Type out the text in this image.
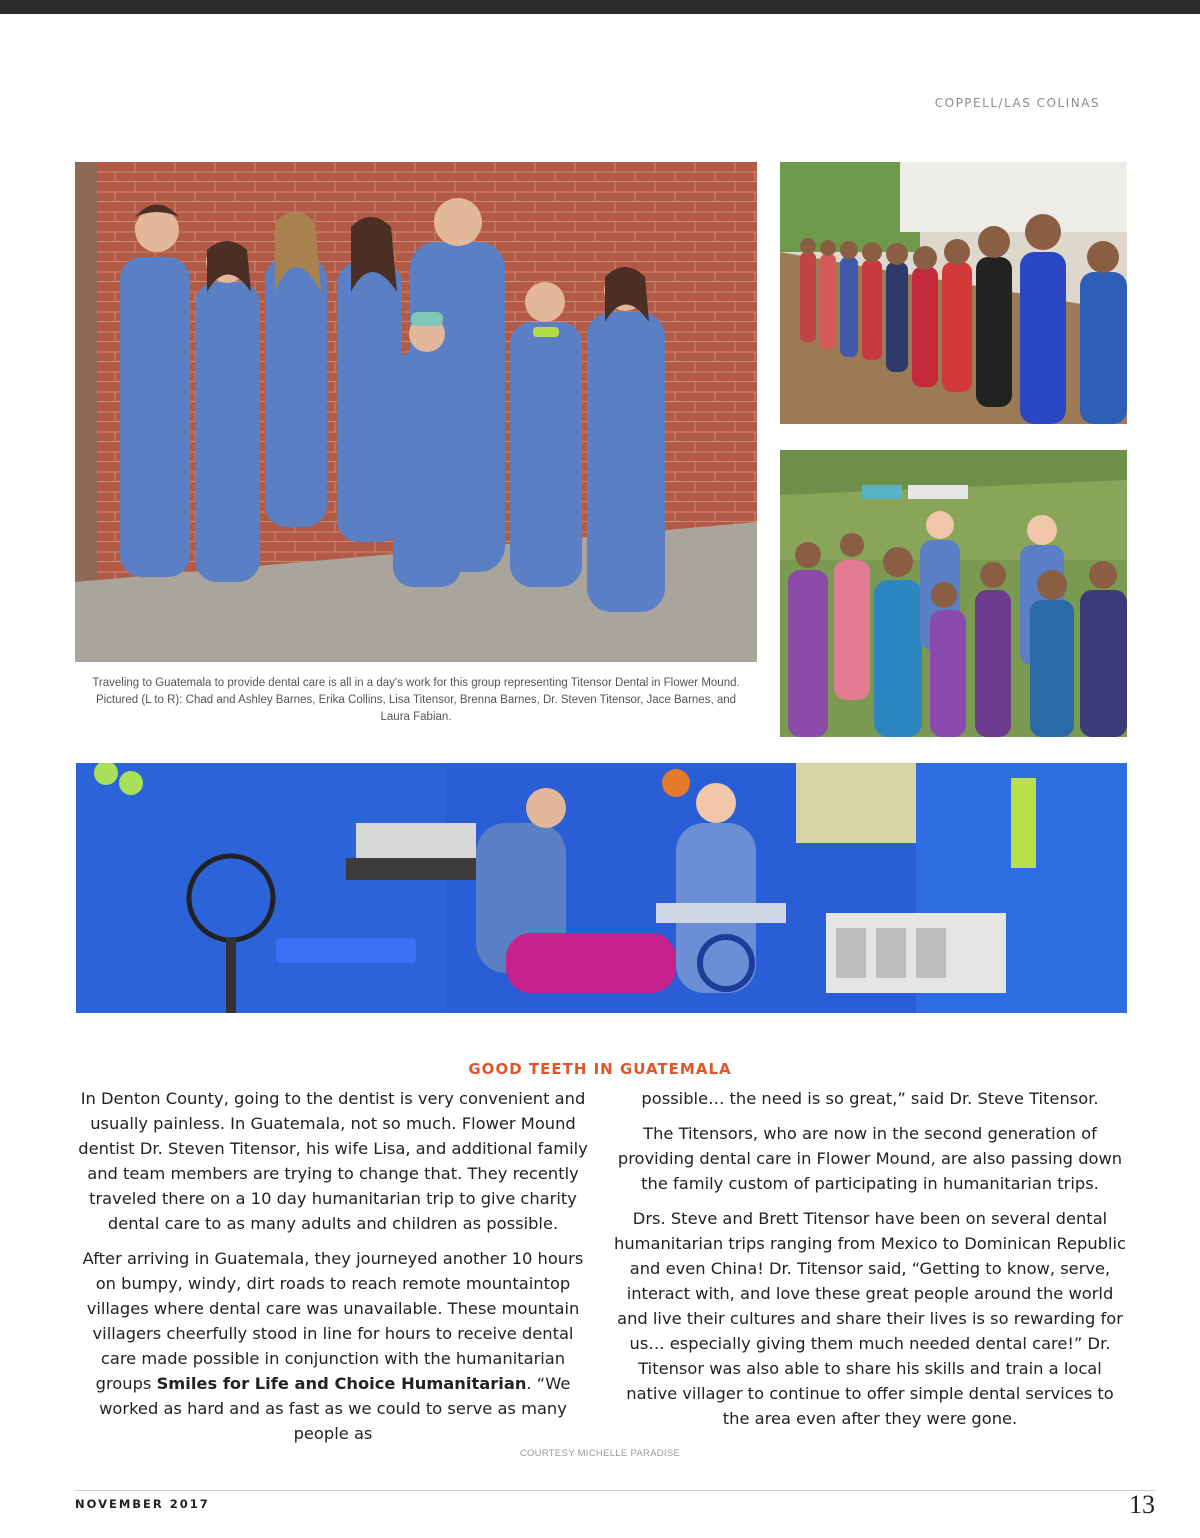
COPPELL/LAS COLINAS
Traveling to Guatemala to provide dental care is all in a day's work for this group representing Titensor Dental in Flower Mound. Pictured (L to R): Chad and Ashley Barnes, Erika Collins, Lisa Titensor, Brenna Barnes, Dr. Steven Titensor, Jace Barnes, and Laura Fabian.
GOOD TEETH IN GUATEMALA

In Denton County, going to the dentist is very convenient and usually painless. In Guatemala, not so much. Flower Mound dentist Dr. Steven Titensor, his wife Lisa, and additional family and team members are trying to change that. They recently traveled there on a 10 day humanitarian trip to give charity dental care to as many adults and children as possible.

After arriving in Guatemala, they journeyed another 10 hours on bumpy, windy, dirt roads to reach remote mountaintop villages where dental care was unavailable. These mountain villagers cheerfully stood in line for hours to receive dental care made possible in conjunction with the humanitarian groups Smiles for Life and Choice Humanitarian. “We worked as hard and as fast as we could to serve as many people as

possible… the need is so great,” said Dr. Steve Titensor.

The Titensors, who are now in the second generation of providing dental care in Flower Mound, are also passing down the family custom of participating in humanitarian trips.

Drs. Steve and Brett Titensor have been on several dental humanitarian trips ranging from Mexico to Dominican Republic and even China! Dr. Titensor said, “Getting to know, serve, interact with, and love these great people around the world and live their cultures and share their lives is so rewarding for us… especially giving them much needed dental care!” Dr. Titensor was also able to share his skills and train a local native villager to continue to offer simple dental services to the area even after they were gone.

COURTESY MICHELLE PARADISE
NOVEMBER 2017	13
